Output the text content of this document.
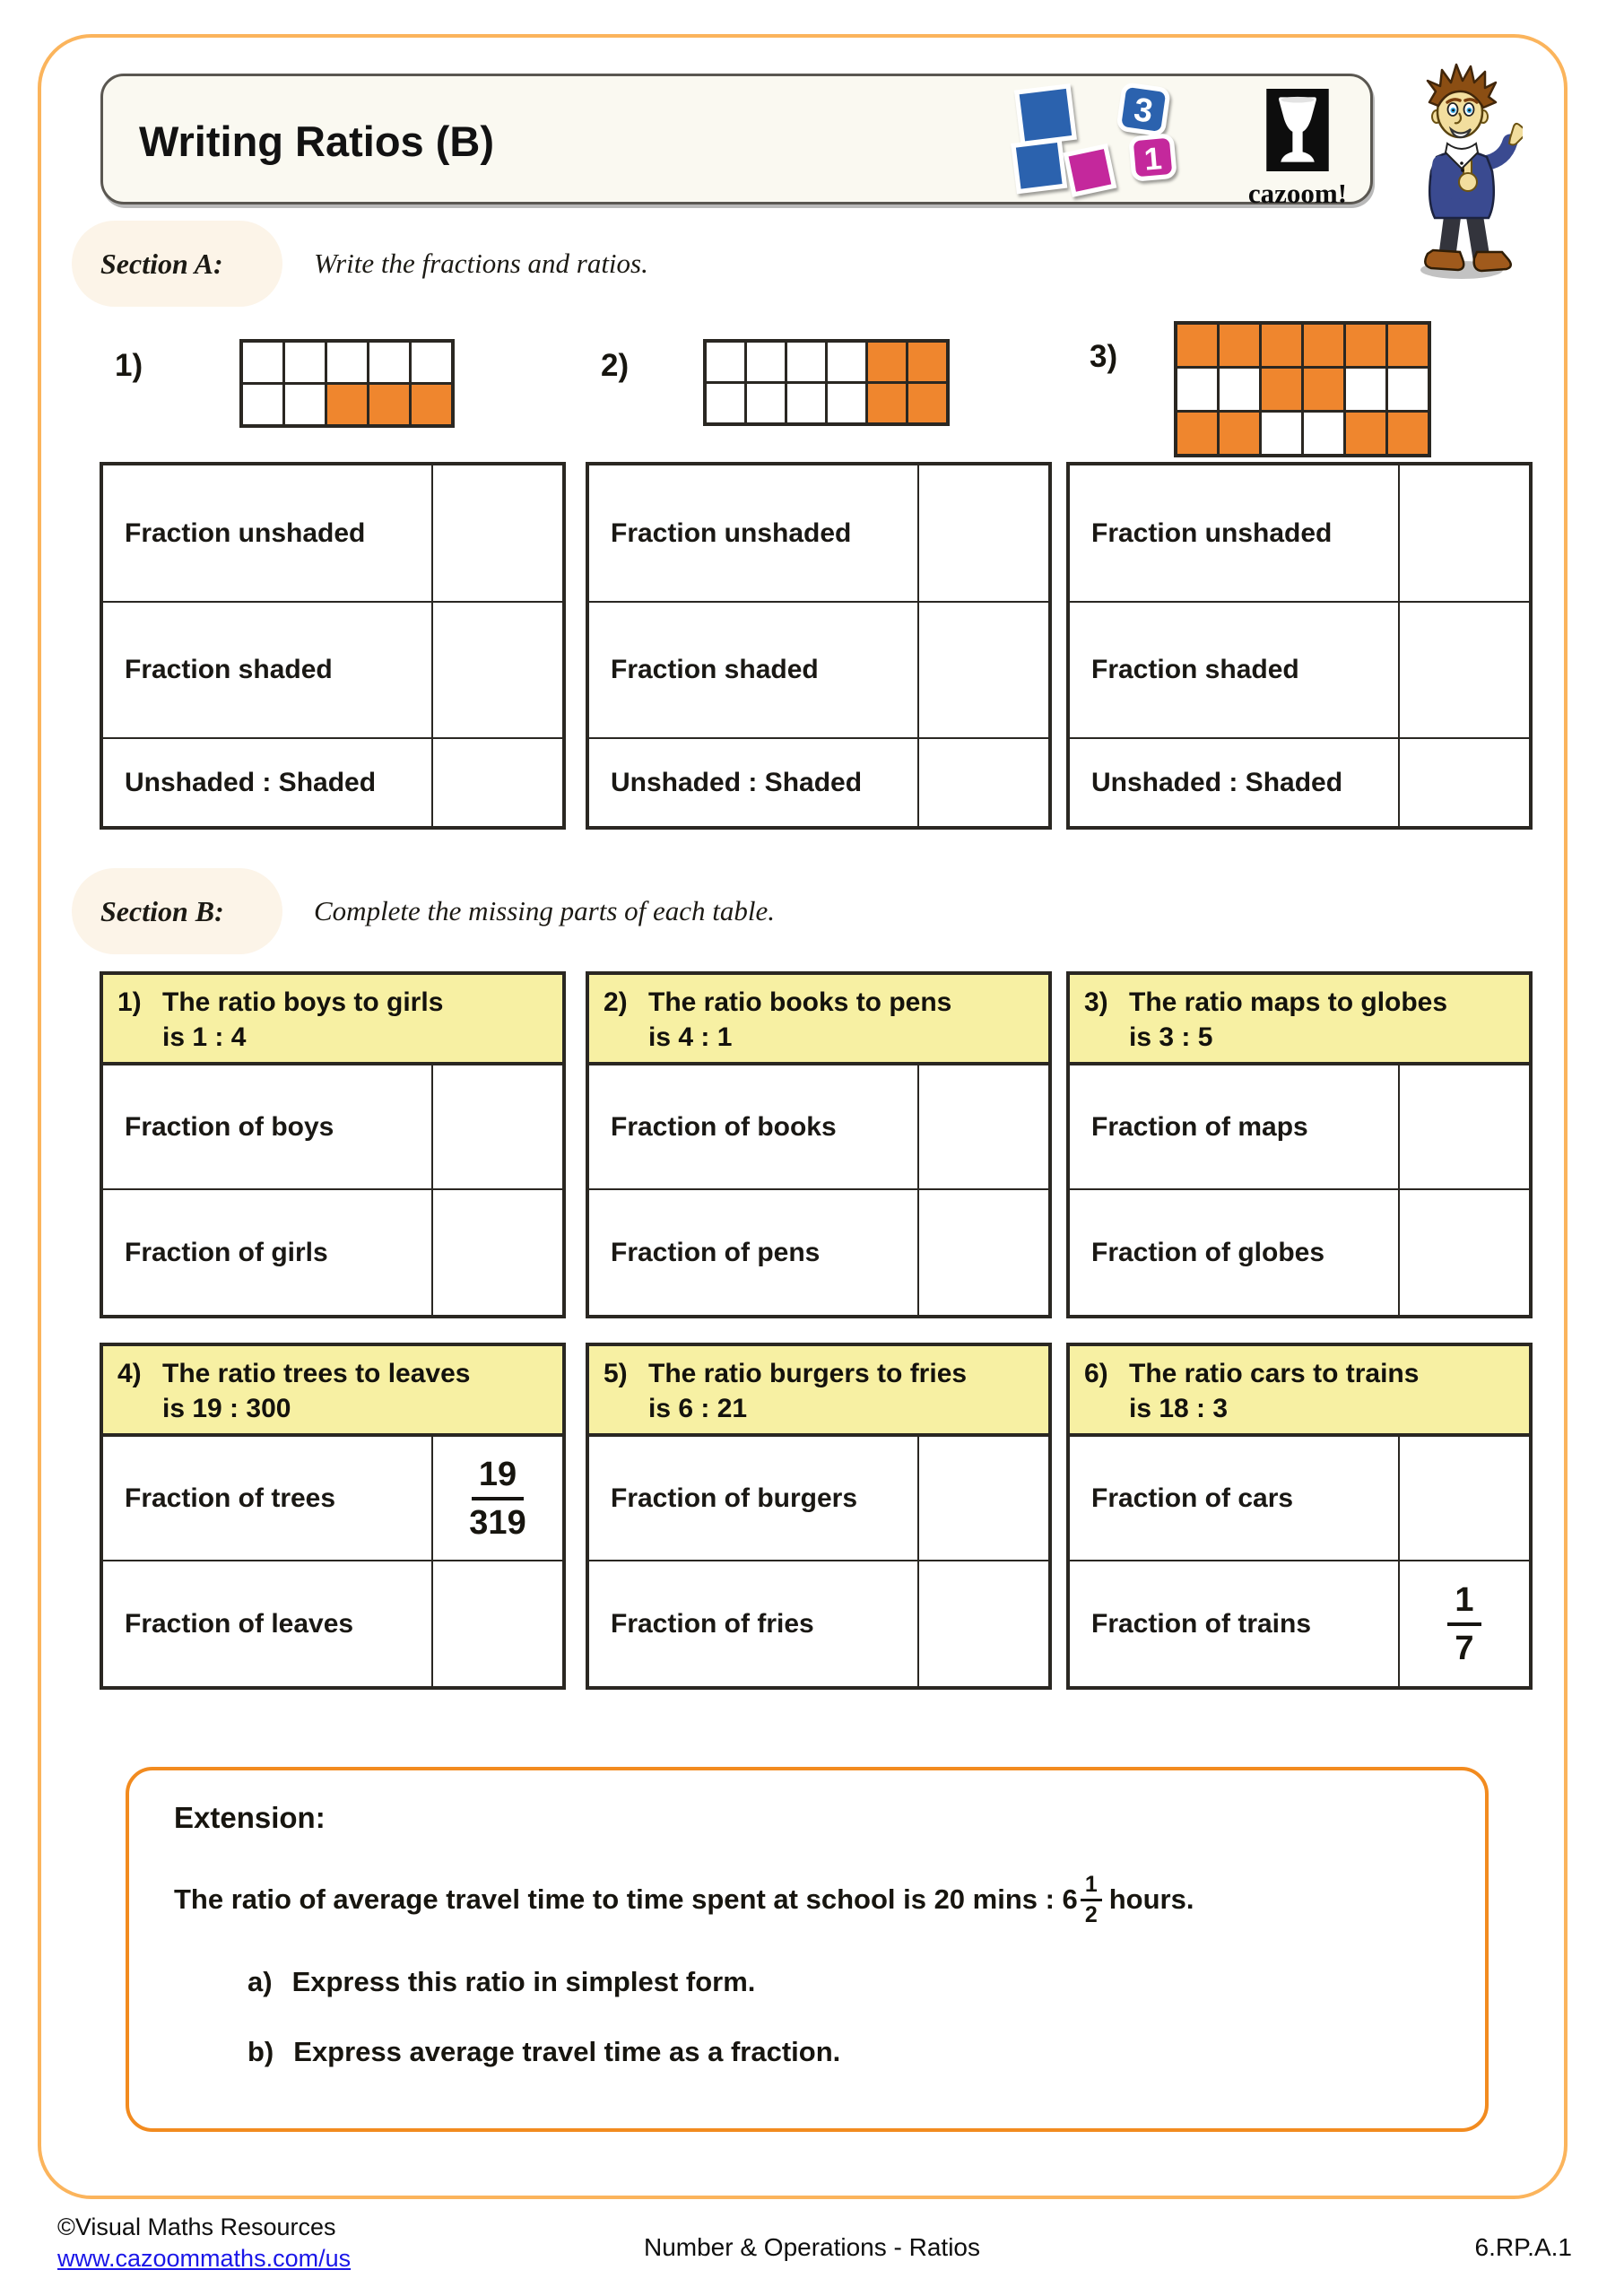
Writing Ratios (B)
3
1
cazoom!
Section A:	Write the fractions and ratios.
1)	2)	3)
Fraction unshaded
Fraction shaded
Unshaded : Shaded
Fraction unshaded
Fraction shaded
Unshaded : Shaded
Fraction unshaded
Fraction shaded
Unshaded : Shaded
Section B:	Complete the missing parts of each table.
1) The ratio boys to girls
is 1 : 4
Fraction of boys
Fraction of girls
2) The ratio books to pens
is 4 : 1
Fraction of books
Fraction of pens
3) The ratio maps to globes
is 3 : 5
Fraction of maps
Fraction of globes
4) The ratio trees to leaves
is 19 : 300
Fraction of trees	$\frac{19}{319}$
Fraction of leaves
5) The ratio burgers to fries
is 6 : 21
Fraction of burgers
Fraction of fries
6) The ratio cars to trains
is 18 : 3
Fraction of cars
Fraction of trains	$\frac{1}{7}$
Extension:
The ratio of average travel time to time spent at school is 20 mins : $6 \frac{1}{2}$ hours.
a) Express this ratio in simplest form.
b) Express average travel time as a fraction.
©Visual Maths Resources
www.cazoommaths.com/us	Number & Operations - Ratios	6.RP.A.1
